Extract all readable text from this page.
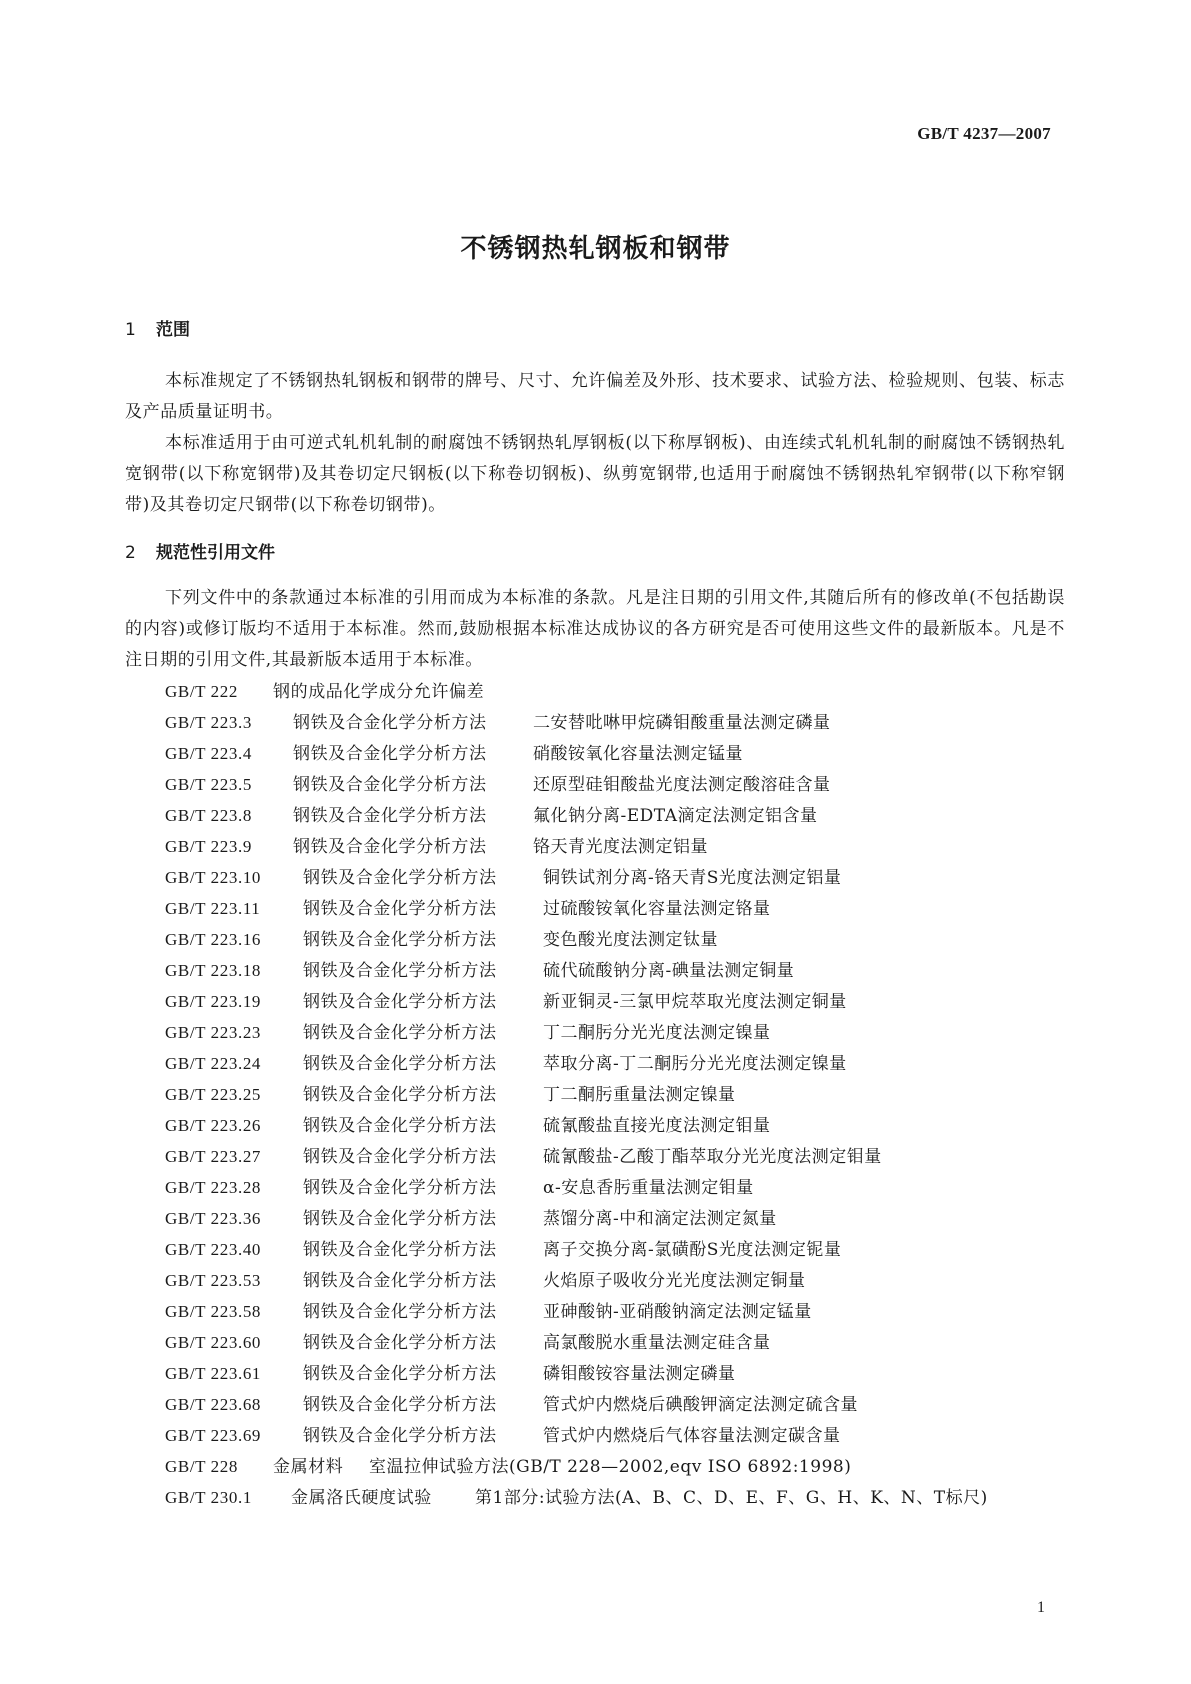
GB/T 4237—2007
不锈钢热轧钢板和钢带
1 范围

本标准规定了不锈钢热轧钢板和钢带的牌号、尺寸、允许偏差及外形、技术要求、试验方法、检验规则、包装、标志及产品质量证明书。

本标准适用于由可逆式轧机轧制的耐腐蚀不锈钢热轧厚钢板(以下称厚钢板)、由连续式轧机轧制的耐腐蚀不锈钢热轧宽钢带(以下称宽钢带)及其卷切定尺钢板(以下称卷切钢板)、纵剪宽钢带,也适用于耐腐蚀不锈钢热轧窄钢带(以下称窄钢带)及其卷切定尺钢带(以下称卷切钢带)。

2 规范性引用文件

下列文件中的条款通过本标准的引用而成为本标准的条款。凡是注日期的引用文件,其随后所有的修改单(不包括勘误的内容)或修订版均不适用于本标准。然而,鼓励根据本标准达成协议的各方研究是否可使用这些文件的最新版本。凡是不注日期的引用文件,其最新版本适用于本标准。

GB/T 222 钢的成品化学成分允许偏差
GB/T 223.3 钢铁及合金化学分析方法	二安替吡啉甲烷磷钼酸重量法测定磷量
GB/T 223.4 钢铁及合金化学分析方法	硝酸铵氧化容量法测定锰量
GB/T 223.5 钢铁及合金化学分析方法	还原型硅钼酸盐光度法测定酸溶硅含量
GB/T 223.8 钢铁及合金化学分析方法	氟化钠分离-EDTA滴定法测定铝含量
GB/T 223.9 钢铁及合金化学分析方法	铬天青光度法测定铝量
GB/T 223.10 钢铁及合金化学分析方法	铜铁试剂分离-铬天青S光度法测定铝量
GB/T 223.11	钢铁及合金化学分析方法	过硫酸铵氧化容量法测定铬量
GB/T 223.16 钢铁及合金化学分析方法	变色酸光度法测定钛量
GB/T 223.18 钢铁及合金化学分析方法	硫代硫酸钠分离-碘量法测定铜量
GB/T 223.19 钢铁及合金化学分析方法	新亚铜灵-三氯甲烷萃取光度法测定铜量
GB/T 223.23 钢铁及合金化学分析方法	丁二酮肟分光光度法测定镍量
GB/T 223.24 钢铁及合金化学分析方法	萃取分离-丁二酮肟分光光度法测定镍量
GB/T 223.25 钢铁及合金化学分析方法	丁二酮肟重量法测定镍量
GB/T 223.26 钢铁及合金化学分析方法	硫氰酸盐直接光度法测定钼量
GB/T 223.27 钢铁及合金化学分析方法	硫氰酸盐-乙酸丁酯萃取分光光度法测定钼量
GB/T 223.28 钢铁及合金化学分析方法	α-安息香肟重量法测定钼量
GB/T 223.36 钢铁及合金化学分析方法	蒸馏分离-中和滴定法测定氮量
GB/T 223.40 钢铁及合金化学分析方法	离子交换分离-氯磺酚S光度法测定铌量
GB/T 223.53 钢铁及合金化学分析方法	火焰原子吸收分光光度法测定铜量
GB/T 223.58 钢铁及合金化学分析方法	亚砷酸钠-亚硝酸钠滴定法测定锰量
GB/T 223.60 钢铁及合金化学分析方法	高氯酸脱水重量法测定硅含量
GB/T 223.61 钢铁及合金化学分析方法	磷钼酸铵容量法测定磷量
GB/T 223.68 钢铁及合金化学分析方法	管式炉内燃烧后碘酸钾滴定法测定硫含量
GB/T 223.69 钢铁及合金化学分析方法	管式炉内燃烧后气体容量法测定碳含量
GB/T 228 金属材料 室温拉伸试验方法(GB/T 228—2002,eqv ISO 6892:1998)
GB/T 230.1 金属洛氏硬度试验	第1部分:试验方法(A、B、C、D、E、F、G、H、K、N、T标尺)
1
